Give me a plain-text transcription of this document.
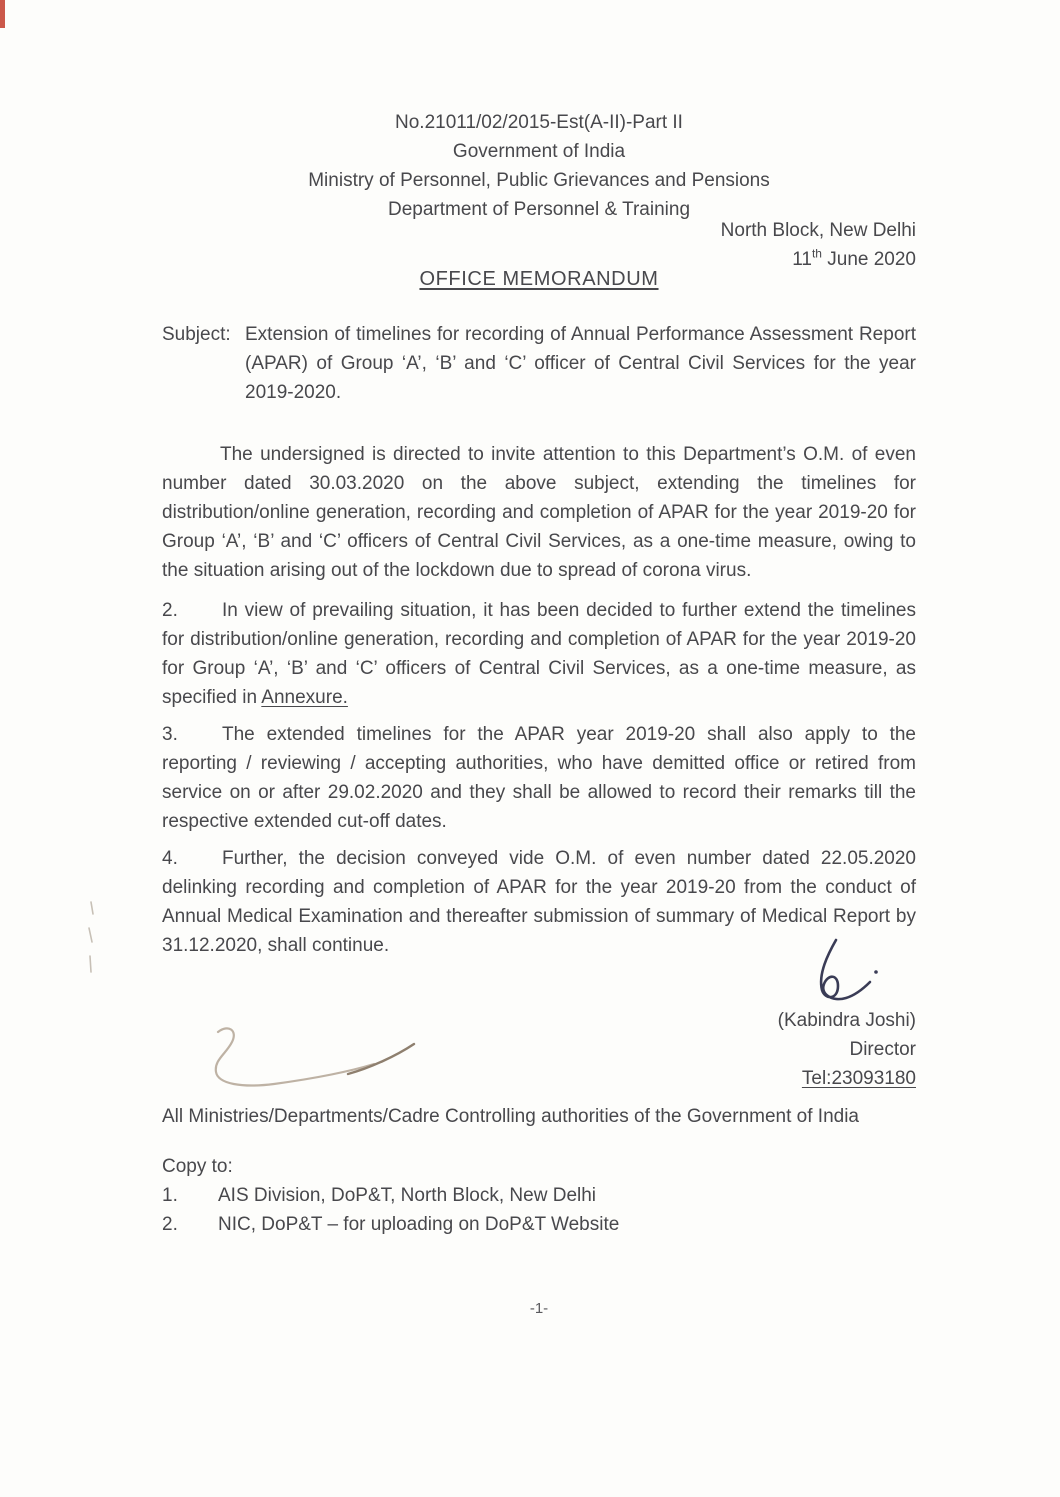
No.21011/02/2015-Est(A-II)-Part II
Government of India
Ministry of Personnel, Public Grievances and Pensions
Department of Personnel & Training
North Block, New Delhi
11th June 2020
OFFICE MEMORANDUM
Subject: Extension of timelines for recording of Annual Performance Assessment Report (APAR) of Group ‘A’, ‘B’ and ‘C’ officer of Central Civil Services for the year 2019-2020.

The undersigned is directed to invite attention to this Department’s O.M. of even number dated 30.03.2020 on the above subject, extending the timelines for distribution/online generation, recording and completion of APAR for the year 2019-20 for Group ‘A’, ‘B’ and ‘C’ officers of Central Civil Services, as a one-time measure, owing to the situation arising out of the lockdown due to spread of corona virus.

2. In view of prevailing situation, it has been decided to further extend the timelines for distribution/online generation, recording and completion of APAR for the year 2019-20 for Group ‘A’, ‘B’ and ‘C’ officers of Central Civil Services, as a one-time measure, as specified in Annexure.

3. The extended timelines for the APAR year 2019-20 shall also apply to the reporting / reviewing / accepting authorities, who have demitted office or retired from service on or after 29.02.2020 and they shall be allowed to record their remarks till the respective extended cut-off dates.

4. Further, the decision conveyed vide O.M. of even number dated 22.05.2020 delinking recording and completion of APAR for the year 2019-20 from the conduct of Annual Medical Examination and thereafter submission of summary of Medical Report by 31.12.2020, shall continue.

(Kabindra Joshi)
Director
Tel:23093180
All Ministries/Departments/Cadre Controlling authorities of the Government of India
Copy to:
1.	AIS Division, DoP&T, North Block, New Delhi
2.	NIC, DoP&T – for uploading on DoP&T Website
-1-
